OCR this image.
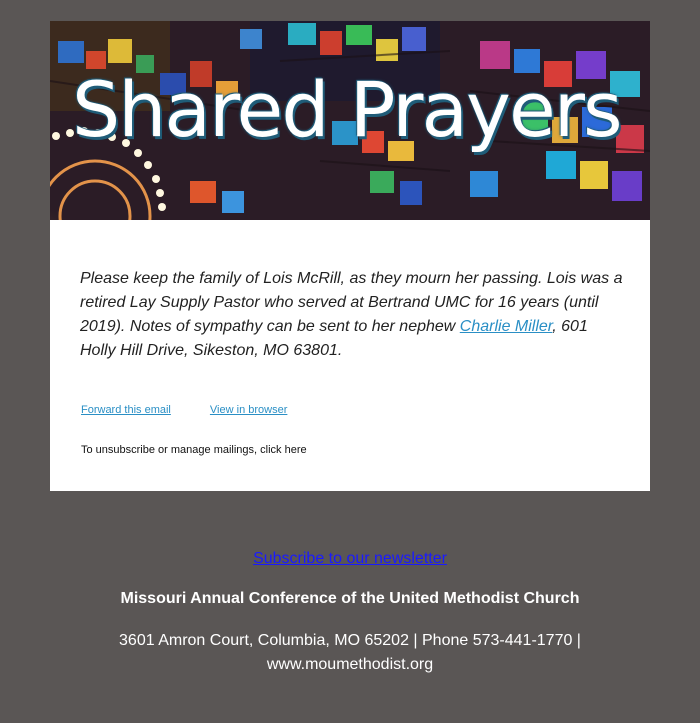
Shared Prayers

Please keep the family of Lois McRill, as they mourn her passing. Lois was a retired Lay Supply Pastor who served at Bertrand UMC for 16 years (until 2019). Notes of sympathy can be sent to her nephew Charlie Miller, 601 Holly Hill Drive, Sikeston, MO 63801.

Forward this email	View in browser
To unsubscribe or manage mailings, click here
Subscribe to our newsletter
Missouri Annual Conference of the United Methodist Church
3601 Amron Court, Columbia, MO 65202 | Phone 573-441-1770 |
www.moumethodist.org
